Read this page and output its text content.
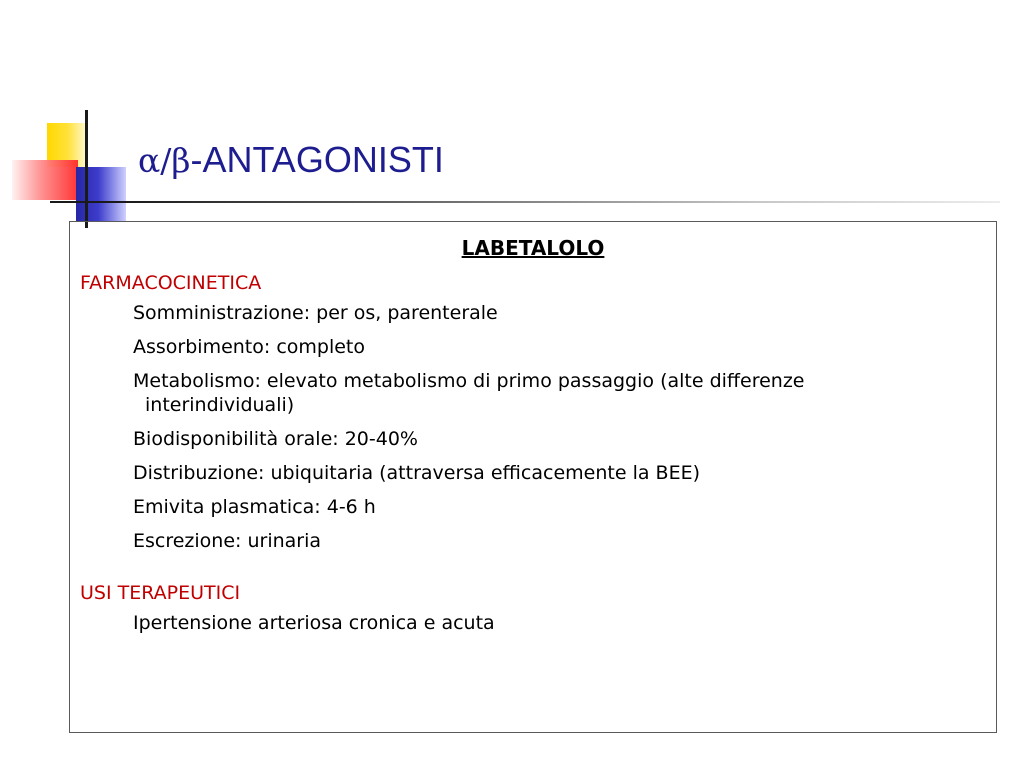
α/β-ANTAGONISTI

LABETALOLO

FARMACOCINETICA

Somministrazione: per os, parenterale
Assorbimento: completo
Metabolismo: elevato metabolismo di primo passaggio (alte differenze interindividuali)
Biodisponibilità orale: 20-40%
Distribuzione: ubiquitaria (attraversa efficacemente la BEE)
Emivita plasmatica: 4-6 h
Escrezione: urinaria

USI TERAPEUTICI

Ipertensione arteriosa cronica e acuta
